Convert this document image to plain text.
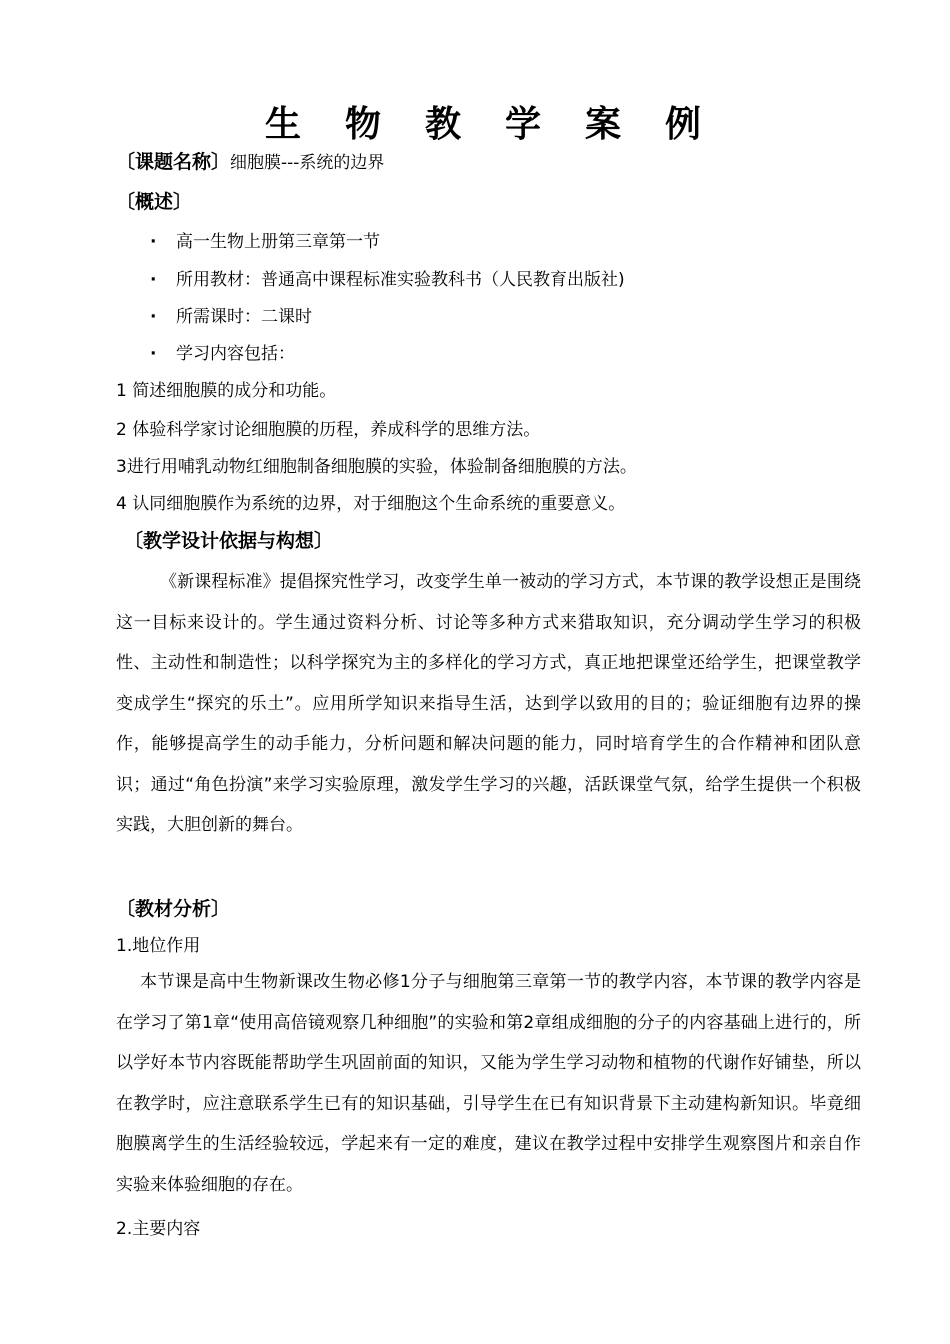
生物教学案例
〔课题名称〕细胞膜---系统的边界
〔概述〕
· 高一生物上册第三章第一节
· 所用教材：普通高中课程标准实验教科书（人民教育出版社)
· 所需课时：二课时
· 学习内容包括：
1 简述细胞膜的成分和功能。
2 体验科学家讨论细胞膜的历程，养成科学的思维方法。
3进行用哺乳动物红细胞制备细胞膜的实验，体验制备细胞膜的方法。
4 认同细胞膜作为系统的边界，对于细胞这个生命系统的重要意义。
〔教学设计依据与构想〕
《新课程标准》提倡探究性学习，改变学生单一被动的学习方式，本节课的教学设想正是围绕这一目标来设计的。学生通过资料分析、讨论等多种方式来猎取知识，充分调动学生学习的积极性、主动性和制造性；以科学探究为主的多样化的学习方式，真正地把课堂还给学生，把课堂教学变成学生“探究的乐土”。应用所学知识来指导生活，达到学以致用的目的；验证细胞有边界的操作，能够提高学生的动手能力，分析问题和解决问题的能力，同时培育学生的合作精神和团队意识；通过“角色扮演”来学习实验原理，激发学生学习的兴趣，活跃课堂气氛，给学生提供一个积极实践，大胆创新的舞台。
〔教材分析〕
1.地位作用
本节课是高中生物新课改生物必修1分子与细胞第三章第一节的教学内容，本节课的教学内容是在学习了第1章“使用高倍镜观察几种细胞”的实验和第2章组成细胞的分子的内容基础上进行的，所以学好本节内容既能帮助学生巩固前面的知识，又能为学生学习动物和植物的代谢作好铺垫，所以在教学时，应注意联系学生已有的知识基础，引导学生在已有知识背景下主动建构新知识。毕竟细胞膜离学生的生活经验较远，学起来有一定的难度，建议在教学过程中安排学生观察图片和亲自作实验来体验细胞的存在。
2.主要内容
